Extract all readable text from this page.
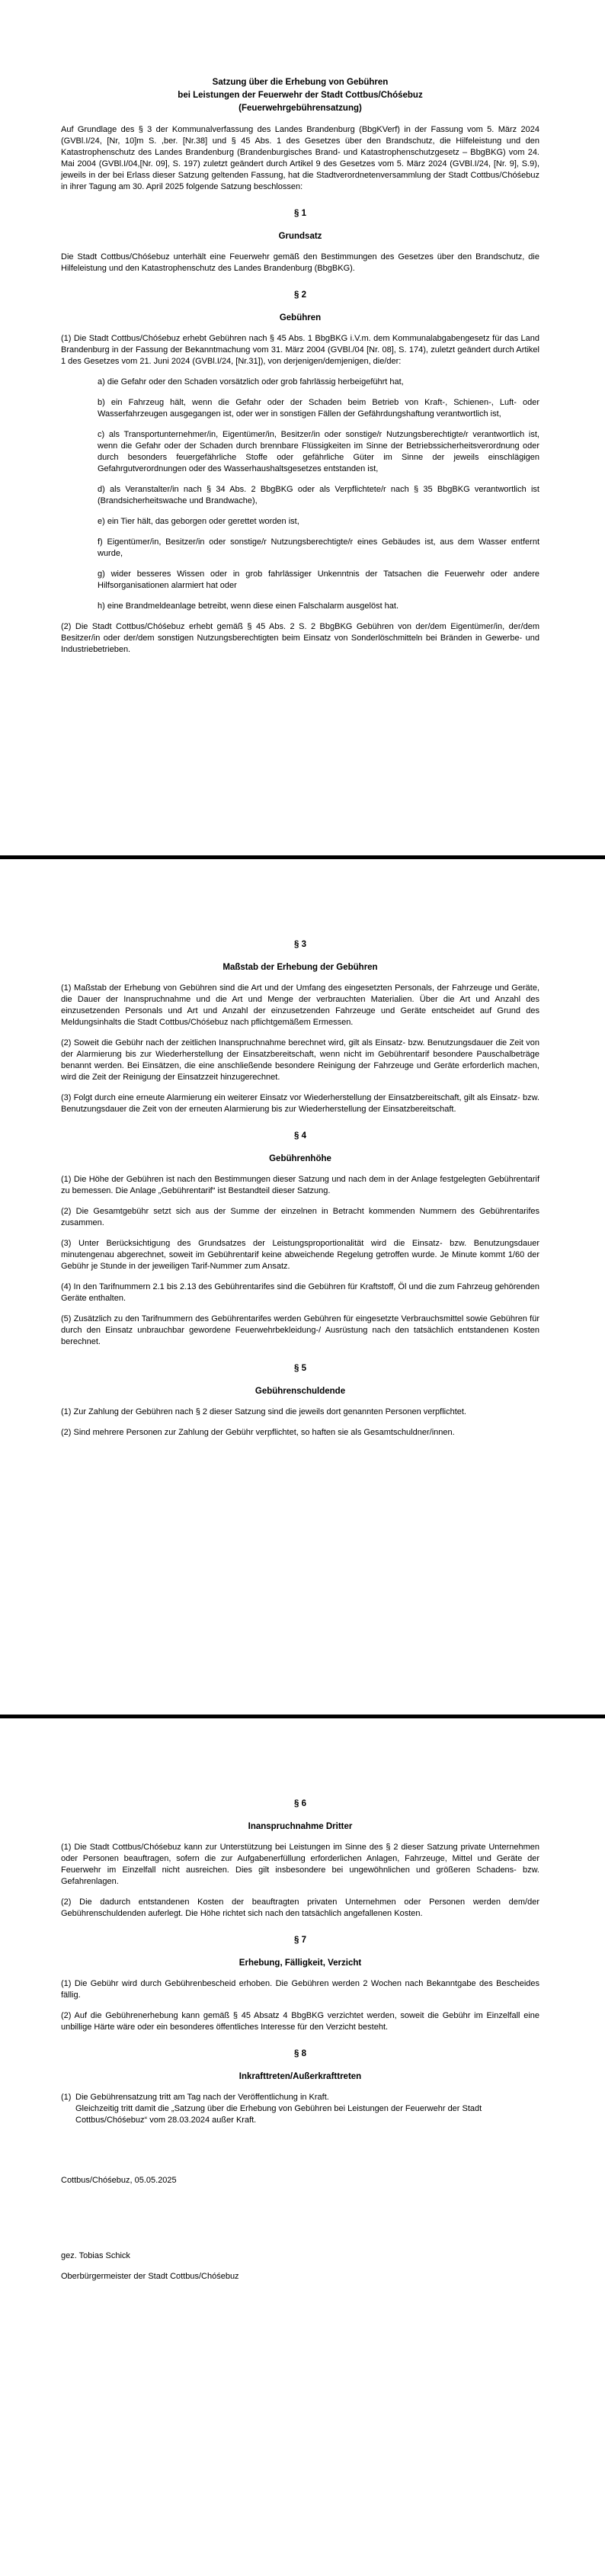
Satzung über die Erhebung von Gebühren
bei Leistungen der Feuerwehr der Stadt Cottbus/Chóśebuz
(Feuerwehrgebührensatzung)
Auf Grundlage des § 3 der Kommunalverfassung des Landes Brandenburg (BbgKVerf) in der Fassung vom 5. März 2024 (GVBl.I/24, [Nr, 10]m S. ,ber. [Nr.38] und § 45 Abs. 1 des Gesetzes über den Brandschutz, die Hilfeleistung und den Katastrophenschutz des Landes Brandenburg (Brandenburgisches Brand- und Katastrophenschutzgesetz – BbgBKG) vom 24. Mai 2004 (GVBl.I/04,[Nr. 09], S. 197) zuletzt geändert durch Artikel 9 des Gesetzes vom 5. März 2024 (GVBl.I/24, [Nr. 9], S.9), jeweils in der bei Erlass dieser Satzung geltenden Fassung, hat die Stadtverordnetenversammlung der Stadt Cottbus/Chóśebuz in ihrer Tagung am 30. April 2025 folgende Satzung beschlossen:
§ 1
Grundsatz
Die Stadt Cottbus/Chóśebuz unterhält eine Feuerwehr gemäß den Bestimmungen des Gesetzes über den Brandschutz, die Hilfeleistung und den Katastrophenschutz des Landes Brandenburg (BbgBKG).
§ 2
Gebühren
(1) Die Stadt Cottbus/Chóśebuz erhebt Gebühren nach § 45 Abs. 1 BbgBKG i.V.m. dem Kommunalabgabengesetz für das Land Brandenburg in der Fassung der Bekanntmachung vom 31. März 2004 (GVBl./04 [Nr. 08], S. 174), zuletzt geändert durch Artikel 1 des Gesetzes vom 21. Juni 2024 (GVBl.I/24, [Nr.31]), von derjenigen/demjenigen, die/der:
a) die Gefahr oder den Schaden vorsätzlich oder grob fahrlässig herbeigeführt hat,
b) ein Fahrzeug hält, wenn die Gefahr oder der Schaden beim Betrieb von Kraft-, Schienen-, Luft- oder Wasserfahrzeugen ausgegangen ist, oder wer in sonstigen Fällen der Gefährdungshaftung verantwortlich ist,
c) als Transportunternehmer/in, Eigentümer/in, Besitzer/in oder sonstige/r Nutzungsberechtigte/r verantwortlich ist, wenn die Gefahr oder der Schaden durch brennbare Flüssigkeiten im Sinne der Betriebssicherheitsverordnung oder durch besonders feuergefährliche Stoffe oder gefährliche Güter im Sinne der jeweils einschlägigen Gefahrgutverordnungen oder des Wasserhaushaltsgesetzes entstanden ist,
d) als Veranstalter/in nach § 34 Abs. 2 BbgBKG oder als Verpflichtete/r nach § 35 BbgBKG verantwortlich ist (Brandsicherheitswache und Brandwache),
e) ein Tier hält, das geborgen oder gerettet worden ist,
f) Eigentümer/in, Besitzer/in oder sonstige/r Nutzungsberechtigte/r eines Gebäudes ist, aus dem Wasser entfernt wurde,
g) wider besseres Wissen oder in grob fahrlässiger Unkenntnis der Tatsachen die Feuerwehr oder andere Hilfsorganisationen alarmiert hat oder
h) eine Brandmeldeanlage betreibt, wenn diese einen Falschalarm ausgelöst hat.
(2) Die Stadt Cottbus/Chóśebuz erhebt gemäß § 45 Abs. 2 S. 2 BbgBKG Gebühren von der/dem Eigentümer/in, der/dem Besitzer/in oder der/dem sonstigen Nutzungsberechtigten beim Einsatz von Sonderlöschmitteln bei Bränden in Gewerbe- und Industriebetrieben.
§ 3
Maßstab der Erhebung der Gebühren
(1) Maßstab der Erhebung von Gebühren sind die Art und der Umfang des eingesetzten Personals, der Fahrzeuge und Geräte, die Dauer der Inanspruchnahme und die Art und Menge der verbrauchten Materialien. Über die Art und Anzahl des einzusetzenden Personals und Art und Anzahl der einzusetzenden Fahrzeuge und Geräte entscheidet auf Grund des Meldungsinhalts die Stadt Cottbus/Chóśebuz nach pflichtgemäßem Ermessen.
(2) Soweit die Gebühr nach der zeitlichen Inanspruchnahme berechnet wird, gilt als Einsatz- bzw. Benutzungsdauer die Zeit von der Alarmierung bis zur Wiederherstellung der Einsatzbereitschaft, wenn nicht im Gebührentarif besondere Pauschalbeträge benannt werden. Bei Einsätzen, die eine anschließende besondere Reinigung der Fahrzeuge und Geräte erforderlich machen, wird die Zeit der Reinigung der Einsatzzeit hinzugerechnet.
(3) Folgt durch eine erneute Alarmierung ein weiterer Einsatz vor Wiederherstellung der Einsatzbereitschaft, gilt als Einsatz- bzw. Benutzungsdauer die Zeit von der erneuten Alarmierung bis zur Wiederherstellung der Einsatzbereitschaft.
§ 4
Gebührenhöhe
(1) Die Höhe der Gebühren ist nach den Bestimmungen dieser Satzung und nach dem in der Anlage festgelegten Gebührentarif zu bemessen. Die Anlage „Gebührentarif“ ist Bestandteil dieser Satzung.
(2) Die Gesamtgebühr setzt sich aus der Summe der einzelnen in Betracht kommenden Nummern des Gebührentarifes zusammen.
(3) Unter Berücksichtigung des Grundsatzes der Leistungsproportionalität wird die Einsatz- bzw. Benutzungsdauer minutengenau abgerechnet, soweit im Gebührentarif keine abweichende Regelung getroffen wurde. Je Minute kommt 1/60 der Gebühr je Stunde in der jeweiligen Tarif-Nummer zum Ansatz.
(4) In den Tarifnummern 2.1 bis 2.13 des Gebührentarifes sind die Gebühren für Kraftstoff, Öl und die zum Fahrzeug gehörenden Geräte enthalten.
(5) Zusätzlich zu den Tarifnummern des Gebührentarifes werden Gebühren für eingesetzte Verbrauchsmittel sowie Gebühren für durch den Einsatz unbrauchbar gewordene Feuerwehrbekleidung-/ Ausrüstung nach den tatsächlich entstandenen Kosten berechnet.
§ 5
Gebührenschuldende
(1) Zur Zahlung der Gebühren nach § 2 dieser Satzung sind die jeweils dort genannten Personen verpflichtet.
(2) Sind mehrere Personen zur Zahlung der Gebühr verpflichtet, so haften sie als Gesamtschuldner/innen.
§ 6
Inanspruchnahme Dritter
(1) Die Stadt Cottbus/Chóśebuz kann zur Unterstützung bei Leistungen im Sinne des § 2 dieser Satzung private Unternehmen oder Personen beauftragen, sofern die zur Aufgabenerfüllung erforderlichen Anlagen, Fahrzeuge, Mittel und Geräte der Feuerwehr im Einzelfall nicht ausreichen. Dies gilt insbesondere bei ungewöhnlichen und größeren Schadens- bzw. Gefahrenlagen.
(2) Die dadurch entstandenen Kosten der beauftragten privaten Unternehmen oder Personen werden dem/der Gebührenschuldenden auferlegt. Die Höhe richtet sich nach den tatsächlich angefallenen Kosten.
§ 7
Erhebung, Fälligkeit, Verzicht
(1) Die Gebühr wird durch Gebührenbescheid erhoben. Die Gebühren werden 2 Wochen nach Bekanntgabe des Bescheides fällig.
(2) Auf die Gebührenerhebung kann gemäß § 45 Absatz 4 BbgBKG verzichtet werden, soweit die Gebühr im Einzelfall eine unbillige Härte wäre oder ein besonderes öffentliches Interesse für den Verzicht besteht.
§ 8
Inkrafttreten/Außerkrafttreten
(1) Die Gebührensatzung tritt am Tag nach der Veröffentlichung in Kraft.
Gleichzeitig tritt damit die „Satzung über die Erhebung von Gebühren bei Leistungen der Feuerwehr der Stadt Cottbus/Chóśebuz“ vom 28.03.2024 außer Kraft.
Cottbus/Chóśebuz, 05.05.2025
gez. Tobias Schick
Oberbürgermeister der Stadt Cottbus/Chóśebuz
